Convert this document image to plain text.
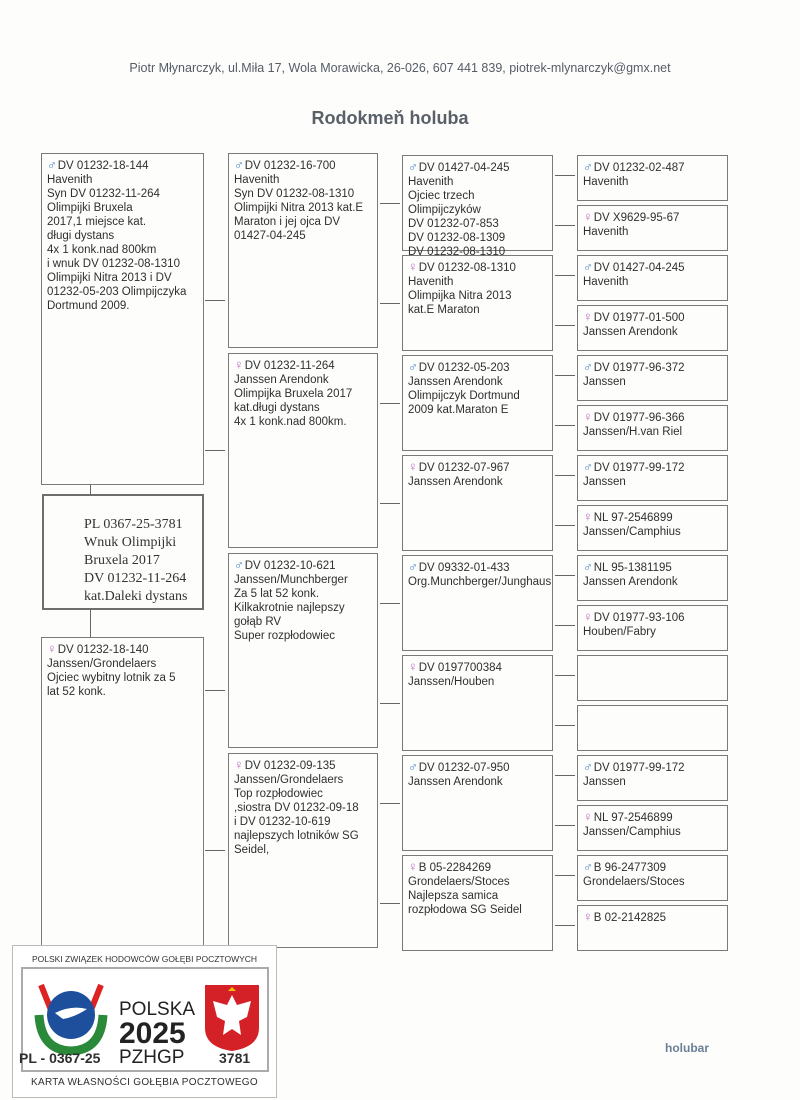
Piotr Młynarczyk, ul.Miła 17, Wola Morawicka, 26-026, 607 441 839, piotrek-mlynarczyk@gmx.net
Rodokmeň holuba
♂DV 01232-18-144
Havenith
Syn DV 01232-11-264
Olimpijki Bruxela
2017,1 miejsce kat.
długi dystans
4x 1 konk.nad 800km
i wnuk DV 01232-08-1310
Olimpijki Nitra 2013 i DV
01232-05-203 Olimpijczyka
Dortmund 2009.
♀DV 01232-18-140
Janssen/Grondelaers
Ojciec wybitny lotnik za 5
lat 52 konk.
♂DV 01232-16-700
Havenith
Syn DV 01232-08-1310
Olimpijki Nitra 2013 kat.E
Maraton i jej ojca DV
01427-04-245
♀DV 01232-11-264
Janssen Arendonk
Olimpijka Bruxela 2017
kat.długi dystans
4x 1 konk.nad 800km.
♂DV 01232-10-621
Janssen/Munchberger
Za 5 lat 52 konk.
Kilkakrotnie najlepszy
gołąb RV
Super rozpłodowiec
♀DV 01232-09-135
Janssen/Grondelaers
Top rozpłodowiec
,siostra DV 01232-09-18
i DV 01232-10-619
najlepszych lotników SG
Seidel,
♂DV 01427-04-245
Havenith
Ojciec trzech
Olimpijczyków
DV 01232-07-853
DV 01232-08-1309
DV 01232-08-1310
♀DV 01232-08-1310
Havenith
Olimpijka Nitra 2013
kat.E Maraton
♂DV 01232-05-203
Janssen Arendonk
Olimpijczyk Dortmund
2009 kat.Maraton E
♀DV 01232-07-967
Janssen Arendonk
♂DV 09332-01-433
Org.Munchberger/Junghaus
♀DV 0197700384
Janssen/Houben
♂DV 01232-07-950
Janssen Arendonk
♀B 05-2284269
Grondelaers/Stoces
Najlepsza samica
rozpłodowa SG Seidel
♂DV 01232-02-487
Havenith
♀DV X9629-95-67
Havenith
♂DV 01427-04-245
Havenith
♀DV 01977-01-500
Janssen Arendonk
♂DV 01977-96-372
Janssen
♀DV 01977-96-366
Janssen/H.van Riel
♂DV 01977-99-172
Janssen
♀NL 97-2546899
Janssen/Camphius
♂NL 95-1381195
Janssen Arendonk
♀DV 01977-93-106
Houben/Fabry
♂DV 01977-99-172
Janssen
♀NL 97-2546899
Janssen/Camphius
♂B 96-2477309
Grondelaers/Stoces
♀B 02-2142825
PL 0367-25-3781
Wnuk Olimpijki
Bruxela 2017
DV 01232-11-264
kat.Daleki dystans
POLSKI ZWIĄZEK HODOWCÓW GOŁĘBI POCZTOWYCH
POLSKA
2025
PZHGP
PL - 0367-25	3781
KARTA WŁASNOŚCI GOŁĘBIA POCZTOWEGO
holubar
